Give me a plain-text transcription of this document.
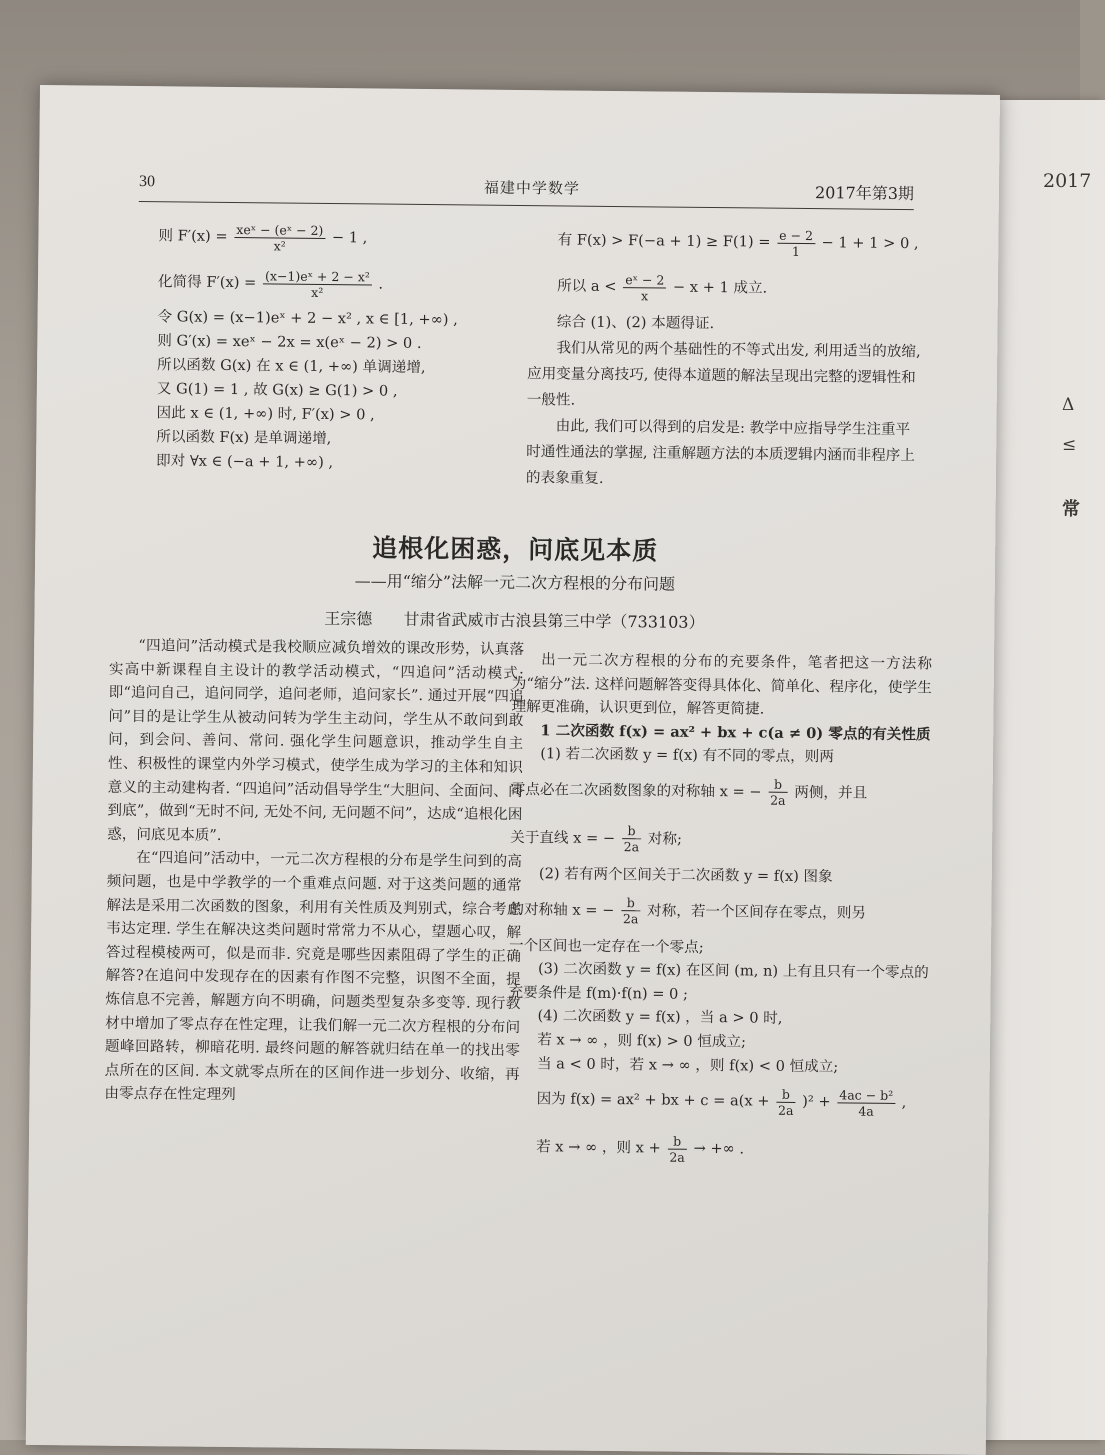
2017
Δ
≤
常
30	福建中学数学	2017年第3期
则 $F'(x) = \frac{\text{xeˣ − (eˣ − 2)}}{\text{x²}} - 1$ ,
化简得 $F'(x) = \frac{\text{(x−1)eˣ + 2 − x²}}{\text{x²}}$ .
令 G(x) = (x−1)eˣ + 2 − x² , x ∈ [1, +∞) ,
则 G′(x) = xeˣ − 2x = x(eˣ − 2) > 0 .
所以函数 G(x) 在 x ∈ (1, +∞) 单调递增,
又 G(1) = 1 , 故 G(x) ≥ G(1) > 0 ,
因此 x ∈ (1, +∞) 时, F′(x) > 0 ,
所以函数 F(x) 是单调递增,
即对 ∀x ∈ (−a + 1, +∞) ,
有 $F(x) > F(-a + 1) \ge F(1) = \frac{e - 2}{1} - 1 + 1 > 0$ ,
所以 $a < \frac{\text{eˣ − 2}}{x} - x + 1$ 成立.

综合 (1)、(2) 本题得证.

我们从常见的两个基础性的不等式出发, 利用适当的放缩, 应用变量分离技巧, 使得本道题的解法呈现出完整的逻辑性和一般性.

由此, 我们可以得到的启发是: 教学中应指导学生注重平时通性通法的掌握, 注重解题方法的本质逻辑内涵而非程序上的表象重复.

追根化困惑，问底见本质
——用“缩分”法解一元二次方程根的分布问题
王宗德 甘肃省武威市古浪县第三中学（733103）

“四追问”活动模式是我校顺应减负增效的课改形势，认真落实高中新课程自主设计的教学活动模式，“四追问”活动模式: 即“追问自己，追问同学，追问老师，追问家长”. 通过开展“四追问”目的是让学生从被动问转为学生主动问，学生从不敢问到敢问，到会问、善问、常问. 强化学生问题意识，推动学生自主性、积极性的课堂内外学习模式，使学生成为学习的主体和知识意义的主动建构者. “四追问”活动倡导学生“大胆问、全面问、问到底”，做到“无时不问, 无处不问, 无问题不问”，达成“追根化困惑，问底见本质”.

在“四追问”活动中，一元二次方程根的分布是学生问到的高频问题，也是中学教学的一个重难点问题. 对于这类问题的通常解法是采用二次函数的图象，利用有关性质及判别式，综合考虑韦达定理. 学生在解决这类问题时常常力不从心，望题心叹，解答过程模棱两可，似是而非. 究竟是哪些因素阻碍了学生的正确解答?在追问中发现存在的因素有作图不完整，识图不全面，提炼信息不完善，解题方向不明确，问题类型复杂多变等. 现行教材中增加了零点存在性定理，让我们解一元二次方程根的分布问题峰回路转，柳暗花明. 最终问题的解答就归结在单一的找出零点所在的区间. 本文就零点所在的区间作进一步划分、收缩，再由零点存在性定理列

出一元二次方程根的分布的充要条件，笔者把这一方法称为“缩分”法. 这样问题解答变得具体化、简单化、程序化，使学生理解更准确，认识更到位，解答更简捷.

1 二次函数 f(x) = ax² + bx + c(a ≠ 0) 零点的有关性质

(1) 若二次函数 y = f(x) 有不同的零点，则两

零点必在二次函数图象的对称轴 x = − $\frac{b}{2a}$ 两侧，并且
关于直线 x = − $\frac{b}{2a}$ 对称;

(2) 若有两个区间关于二次函数 y = f(x) 图象

的对称轴 x = − $\frac{b}{2a}$ 对称，若一个区间存在零点，则另
一个区间也一定存在一个零点;

(3) 二次函数 y = f(x) 在区间 (m, n) 上有且只有一个零点的充要条件是 f(m)·f(n) = 0 ;

(4) 二次函数 y = f(x) ，当 a > 0 时,

若 x → ∞ ，则 f(x) > 0 恒成立;

当 a < 0 时，若 x → ∞ ，则 f(x) < 0 恒成立;

因为 f(x) = ax² + bx + $c = a(x + \frac{b}{2a} )^2 + \frac{\text{4ac − b²}}{4a}$ ,
若 x → ∞ ，则 $x + \frac{b}{2a}$ → +∞ .
